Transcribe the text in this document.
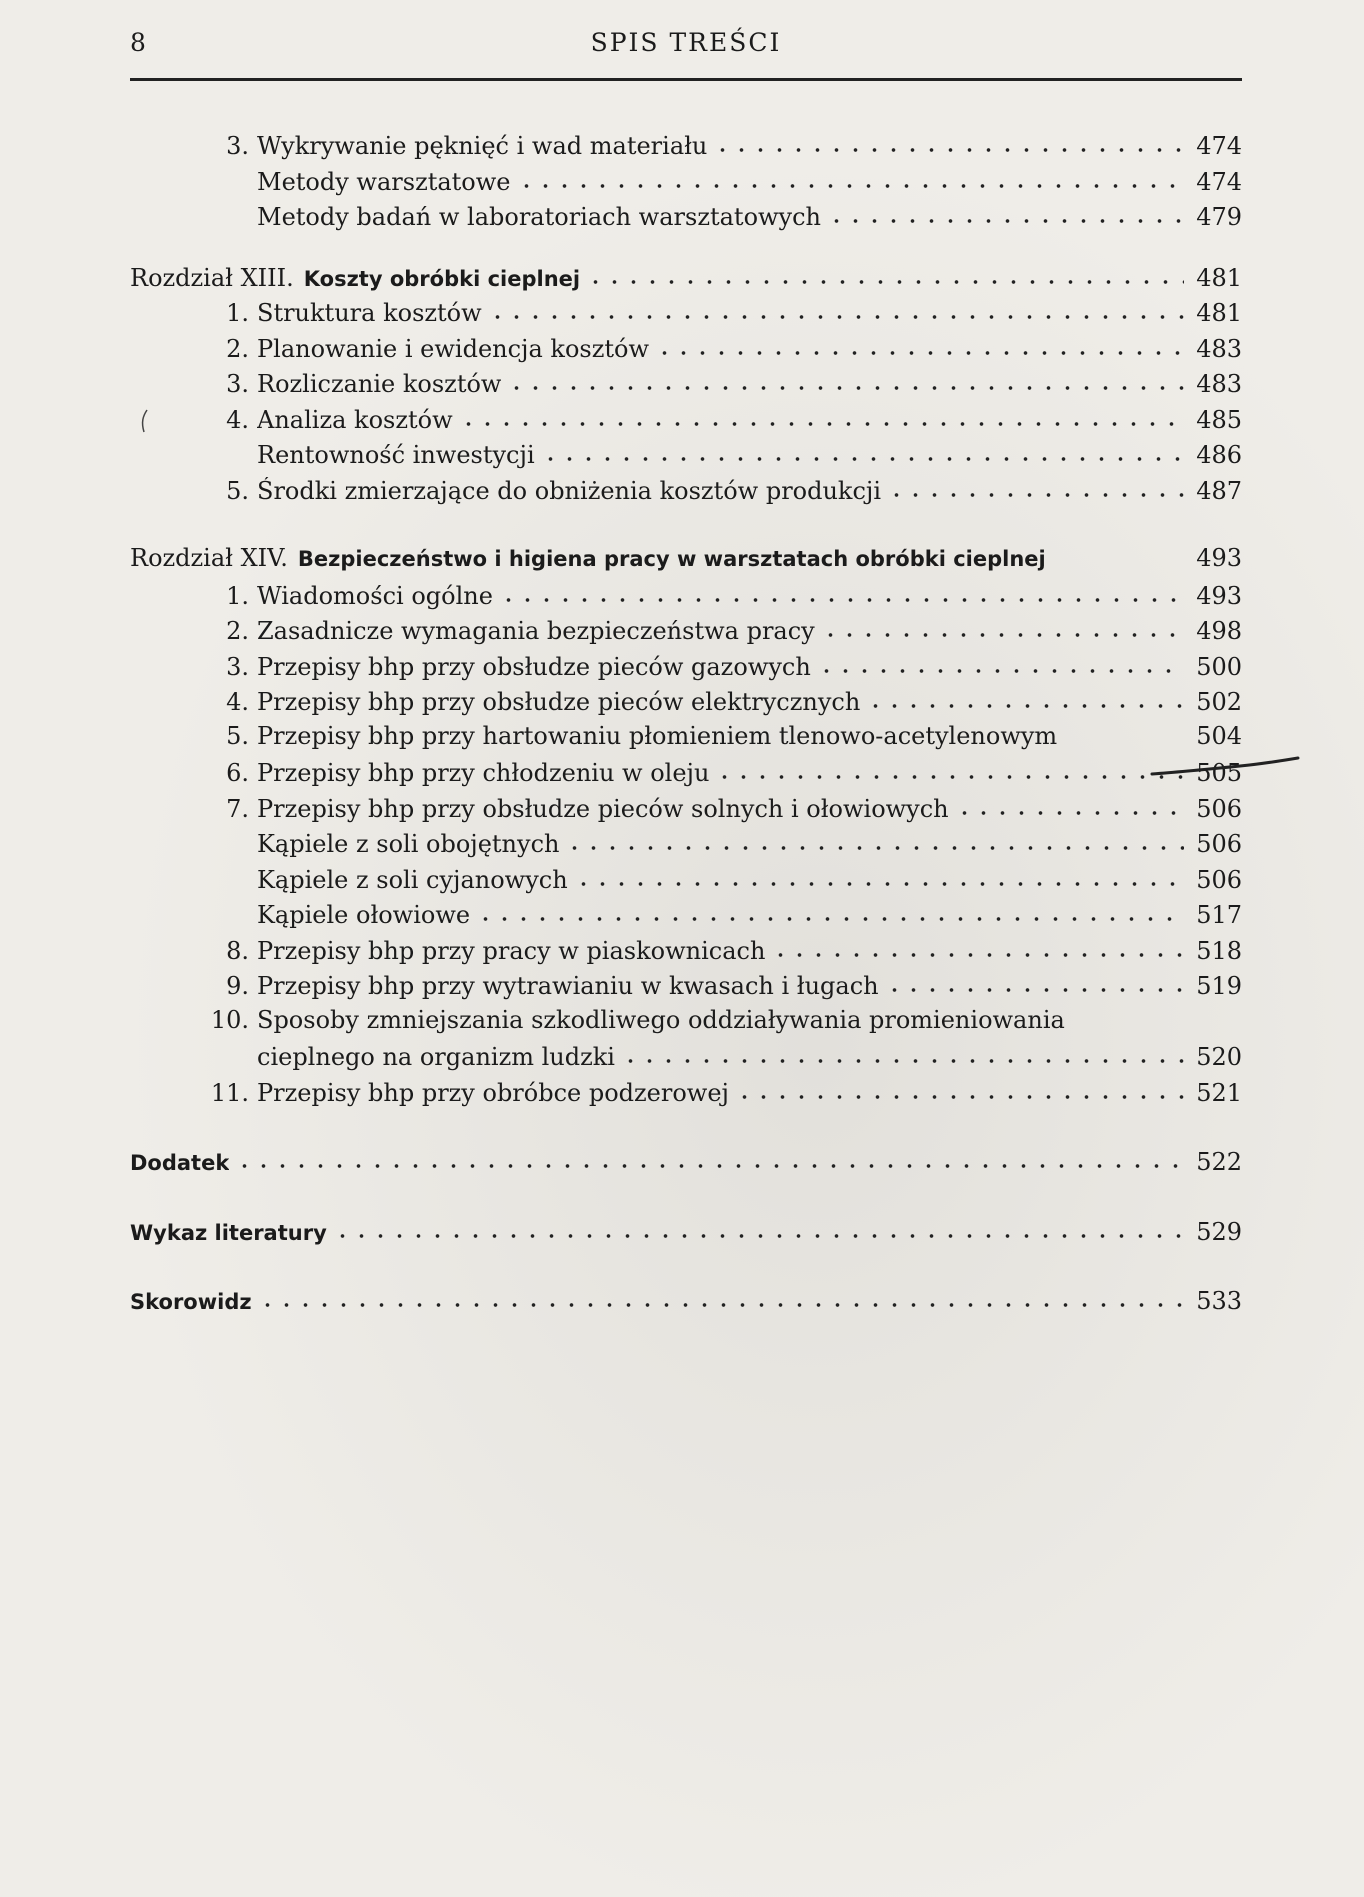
8	SPIS TREŚCI
3. Wykrywanie pęknięć i wad materiału	474
Metody warsztatowe	474
Metody badań w laboratoriach warsztatowych	479
Rozdział XIII. Koszty obróbki cieplnej	481
1. Struktura kosztów	481
2. Planowanie i ewidencja kosztów	483
3. Rozliczanie kosztów	483
4. Analiza kosztów	485
Rentowność inwestycji	486
5. Środki zmierzające do obniżenia kosztów produkcji	487
Rozdział XIV. Bezpieczeństwo i higiena pracy w warsztatach obróbki cieplnej	493
1. Wiadomości ogólne	493
2. Zasadnicze wymagania bezpieczeństwa pracy	498
3. Przepisy bhp przy obsłudze pieców gazowych	500
4. Przepisy bhp przy obsłudze pieców elektrycznych	502
5. Przepisy bhp przy hartowaniu płomieniem tlenowo-acetylenowym	504
6. Przepisy bhp przy chłodzeniu w oleju	505
7. Przepisy bhp przy obsłudze pieców solnych i ołowiowych	506
Kąpiele z soli obojętnych	506
Kąpiele z soli cyjanowych	506
Kąpiele ołowiowe	517
8. Przepisy bhp przy pracy w piaskownicach	518
9. Przepisy bhp przy wytrawianiu w kwasach i ługach	519
10. Sposoby zmniejszania szkodliwego oddziaływania promieniowania
cieplnego na organizm ludzki	520
11. Przepisy bhp przy obróbce podzerowej	521
Dodatek	522
Wykaz literatury	529
Skorowidz	533
